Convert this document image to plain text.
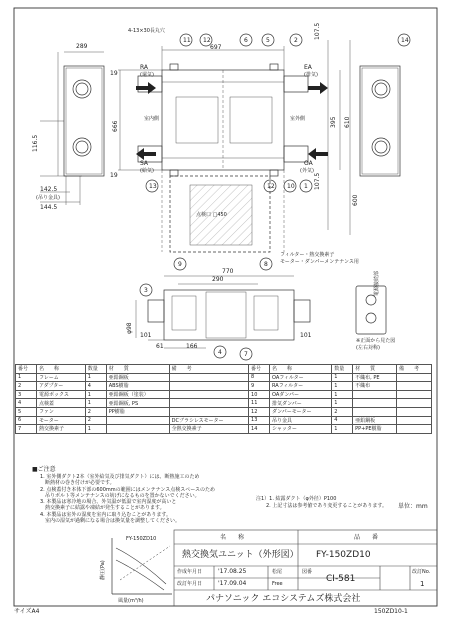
289	697
4-13×30長丸穴	107.5
395 610
107.5
666
19
19
116.5
142.5
(吊り金具)
144.5
600
点検口 □450
770
290
φ98
101	101
61	166
RA
(還気)
EA
(排気)
SA
(給気)
OA
(外気)
室内側	室外側
フィルター・熱交換素子
モーター・ダンパーメンテナンス用
電源接続部
※正面から見た図
(左右対称)
11 12	6	5	2	14
13	12 10 1
9	8
3
4	7
番号	名　　称	数量	材　　質	備　　考	番号	名　　称	数量	材　　質	備　　考
1	フレーム	1	亜鉛鋼板		8	OAフィルター	1	不織布, PE	
2	アダプター	4	ABS樹脂		9	RAフィルター	1	不織布	
3	電源ボックス	1	亜鉛鋼板（塗装）		10	OAダンパー	1		
4	点検蓋	1	亜鉛鋼板, PS		11	排気ダンパー	1		
5	ファン	2	PP樹脂		12	ダンパーモーター	2		
6	モーター	2		DCブラシレスモーター	13	吊り金具	4	亜鉛鋼板	
7	熱交換素子	1		全熱交換素子	14	シャッター	1	PP+PE樹脂	
■ご注意
1. 室外側ダクト2本（室外給気及び排気ダクト）には、断熱施工のため
　断熱材の巻き付けが必要です。
2. 点検蓋付き本体下部の600mmの範囲にはメンテナンス点検スペースのため
　吊りボルト等メンテナンスの妨げになるものを置かないでください。
3. 本製品は寒冷地の場合、外気温が低温で室内湿度が高いと
　熱交換素子に結露や凍結が発生することがあります。
4. 本製品は室外の湿度を室内に取り込むことがあります。
　室内の湿気が過剰になる場合は換気量を調整してください。
注1）1. 結露ダクト（φ外径）P100
　　2. 上記寸法は参考値であり変更することがあります。 単位：mm
静圧(Pa)
風量(m³/h)
FY-150ZD10	名　　称
熱交換気ユニット（外形図）
品　　番
FY-150ZD10
作成年月日	'17.08.25	松尾
改訂年月日	'17.09.04	Free
図番
CI-581
改訂No.
1
パナソニック エコシステムズ株式会社
サイズA4	150ZD10-1
